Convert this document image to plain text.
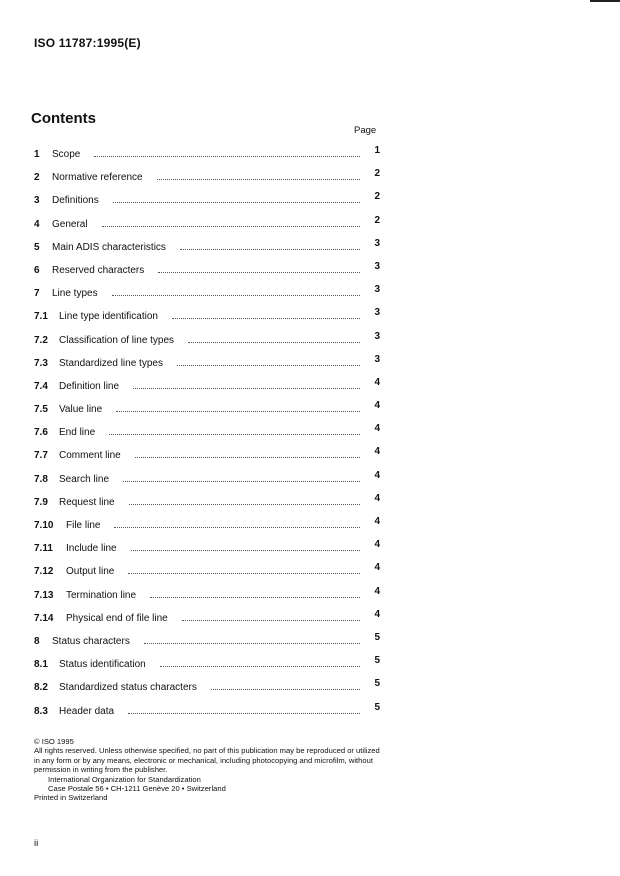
ISO 11787:1995(E)
Contents
Page
1 Scope	1
2 Normative reference	2
3 Definitions	2
4 General	2
5 Main ADIS characteristics	3
6 Reserved characters	3
7 Line types	3
7.1 Line type identification	3
7.2 Classification of line types	3
7.3 Standardized line types	3
7.4 Definition line	4
7.5 Value line	4
7.6 End line	4
7.7 Comment line	4
7.8 Search line	4
7.9 Request line	4
7.10 File line	4
7.11 Include line	4
7.12 Output line	4
7.13 Termination line	4
7.14 Physical end of file line	4
8 Status characters	5
8.1 Status identification	5
8.2 Standardized status characters	5
8.3 Header data	5

© ISO 1995

All rights reserved. Unless otherwise specified, no part of this publication may be reproduced or utilized in any form or by any means, electronic or mechanical, including photocopying and microfilm, without permission in writing from the publisher.

International Organization for Standardization

Case Postale 56 • CH-1211 Genève 20 • Switzerland

Printed in Switzerland

ii
